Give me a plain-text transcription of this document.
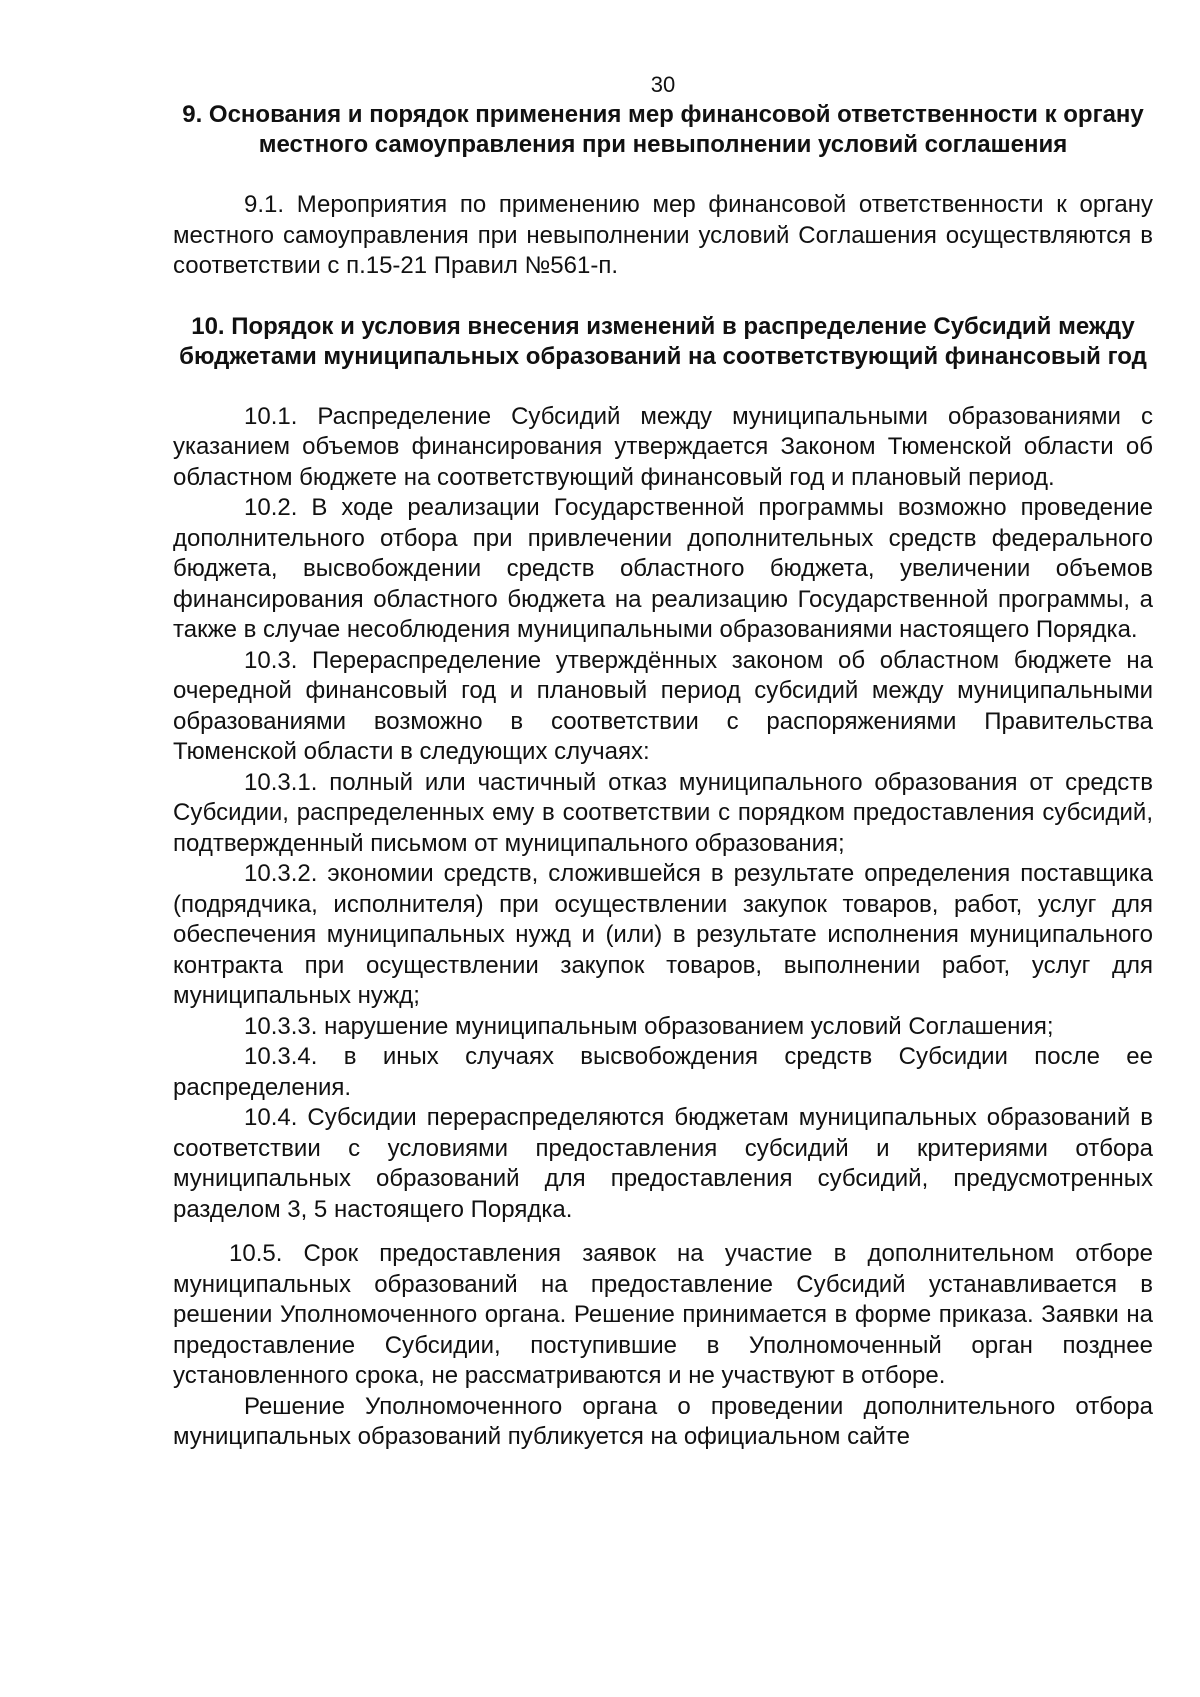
30

9. Основания и порядок применения мер финансовой ответственности к органу местного самоуправления при невыполнении условий соглашения

9.1. Мероприятия по применению мер финансовой ответственности к органу местного самоуправления при невыполнении условий Соглашения осуществляются в соответствии с п.15-21 Правил №561-п.

10. Порядок и условия внесения изменений в распределение Субсидий между бюджетами муниципальных образований на соответствующий финансовый год

10.1. Распределение Субсидий между муниципальными образованиями с указанием объемов финансирования утверждается Законом Тюменской области об областном бюджете на соответствующий финансовый год и плановый период.

10.2. В ходе реализации Государственной программы возможно проведение дополнительного отбора при привлечении дополнительных средств федерального бюджета, высвобождении средств областного бюджета, увеличении объемов финансирования областного бюджета на реализацию Государственной программы, а также в случае несоблюдения муниципальными образованиями настоящего Порядка.

10.3. Перераспределение утверждённых законом об областном бюджете на очередной финансовый год и плановый период субсидий между муниципальными образованиями возможно в соответствии с распоряжениями Правительства Тюменской области в следующих случаях:

10.3.1. полный или частичный отказ муниципального образования от средств Субсидии, распределенных ему в соответствии с порядком предоставления субсидий, подтвержденный письмом от муниципального образования;

10.3.2. экономии средств, сложившейся в результате определения поставщика (подрядчика, исполнителя) при осуществлении закупок товаров, работ, услуг для обеспечения муниципальных нужд и (или) в результате исполнения муниципального контракта при осуществлении закупок товаров, выполнении работ, услуг для муниципальных нужд;

10.3.3. нарушение муниципальным образованием условий Соглашения;

10.3.4. в иных случаях высвобождения средств Субсидии после ее распределения.

10.4. Субсидии перераспределяются бюджетам муниципальных образований в соответствии с условиями предоставления субсидий и критериями отбора муниципальных образований для предоставления субсидий, предусмотренных разделом 3, 5 настоящего Порядка.

10.5. Срок предоставления заявок на участие в дополнительном отборе муниципальных образований на предоставление Субсидий устанавливается в решении Уполномоченного органа. Решение принимается в форме приказа. Заявки на предоставление Субсидии, поступившие в Уполномоченный орган позднее установленного срока, не рассматриваются и не участвуют в отборе.

Решение Уполномоченного органа о проведении дополнительного отбора муниципальных образований публикуется на официальном сайте
